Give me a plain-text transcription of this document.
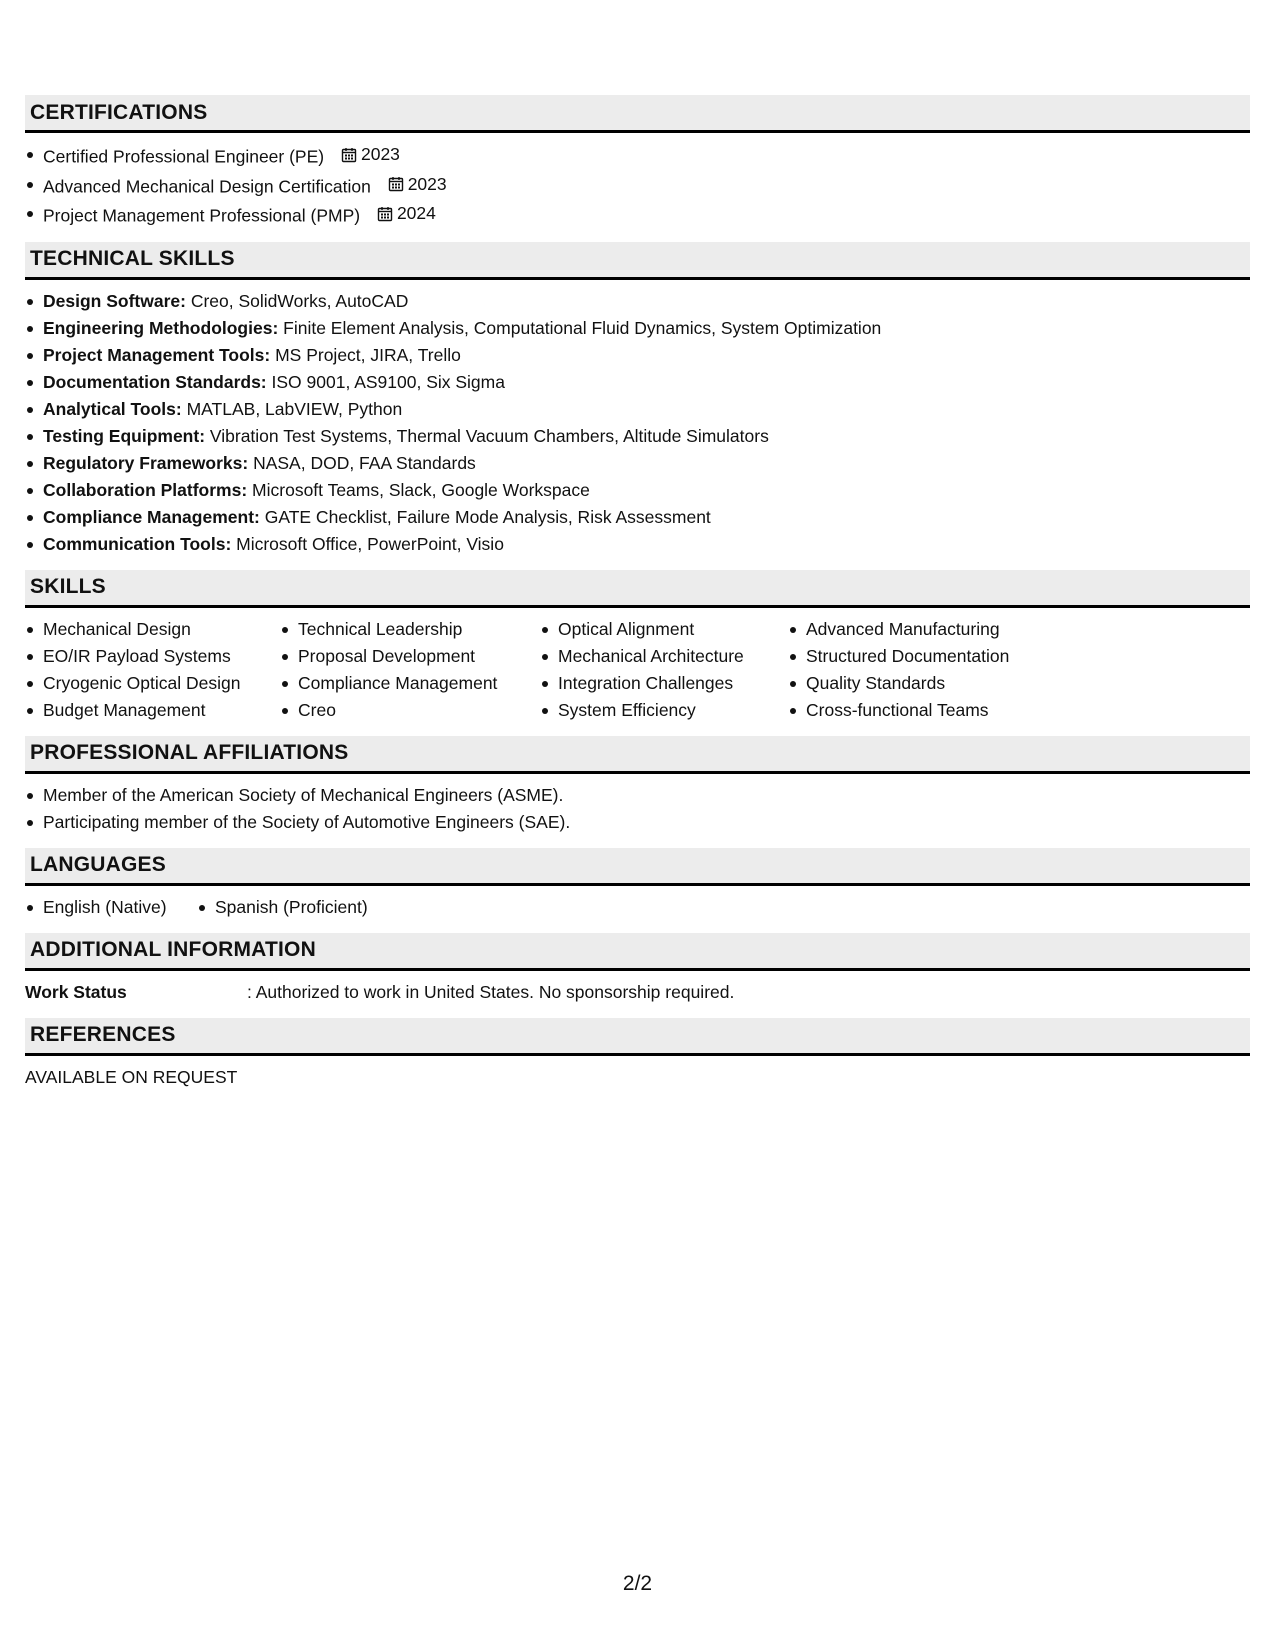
CERTIFICATIONS
Certified Professional Engineer (PE) 2023
Advanced Mechanical Design Certification 2023
Project Management Professional (PMP) 2024
TECHNICAL SKILLS
Design Software: Creo, SolidWorks, AutoCAD
Engineering Methodologies: Finite Element Analysis, Computational Fluid Dynamics, System Optimization
Project Management Tools: MS Project, JIRA, Trello
Documentation Standards: ISO 9001, AS9100, Six Sigma
Analytical Tools: MATLAB, LabVIEW, Python
Testing Equipment: Vibration Test Systems, Thermal Vacuum Chambers, Altitude Simulators
Regulatory Frameworks: NASA, DOD, FAA Standards
Collaboration Platforms: Microsoft Teams, Slack, Google Workspace
Compliance Management: GATE Checklist, Failure Mode Analysis, Risk Assessment
Communication Tools: Microsoft Office, PowerPoint, Visio
SKILLS
Mechanical Design
EO/IR Payload Systems
Cryogenic Optical Design
Budget Management
Technical Leadership
Proposal Development
Compliance Management
Creo
Optical Alignment
Mechanical Architecture
Integration Challenges
System Efficiency
Advanced Manufacturing
Structured Documentation
Quality Standards
Cross-functional Teams
PROFESSIONAL AFFILIATIONS
Member of the American Society of Mechanical Engineers (ASME).
Participating member of the Society of Automotive Engineers (SAE).
LANGUAGES
English (Native)	Spanish (Proficient)
ADDITIONAL INFORMATION
Work Status	: Authorized to work in United States. No sponsorship required.
REFERENCES
AVAILABLE ON REQUEST
2/2
